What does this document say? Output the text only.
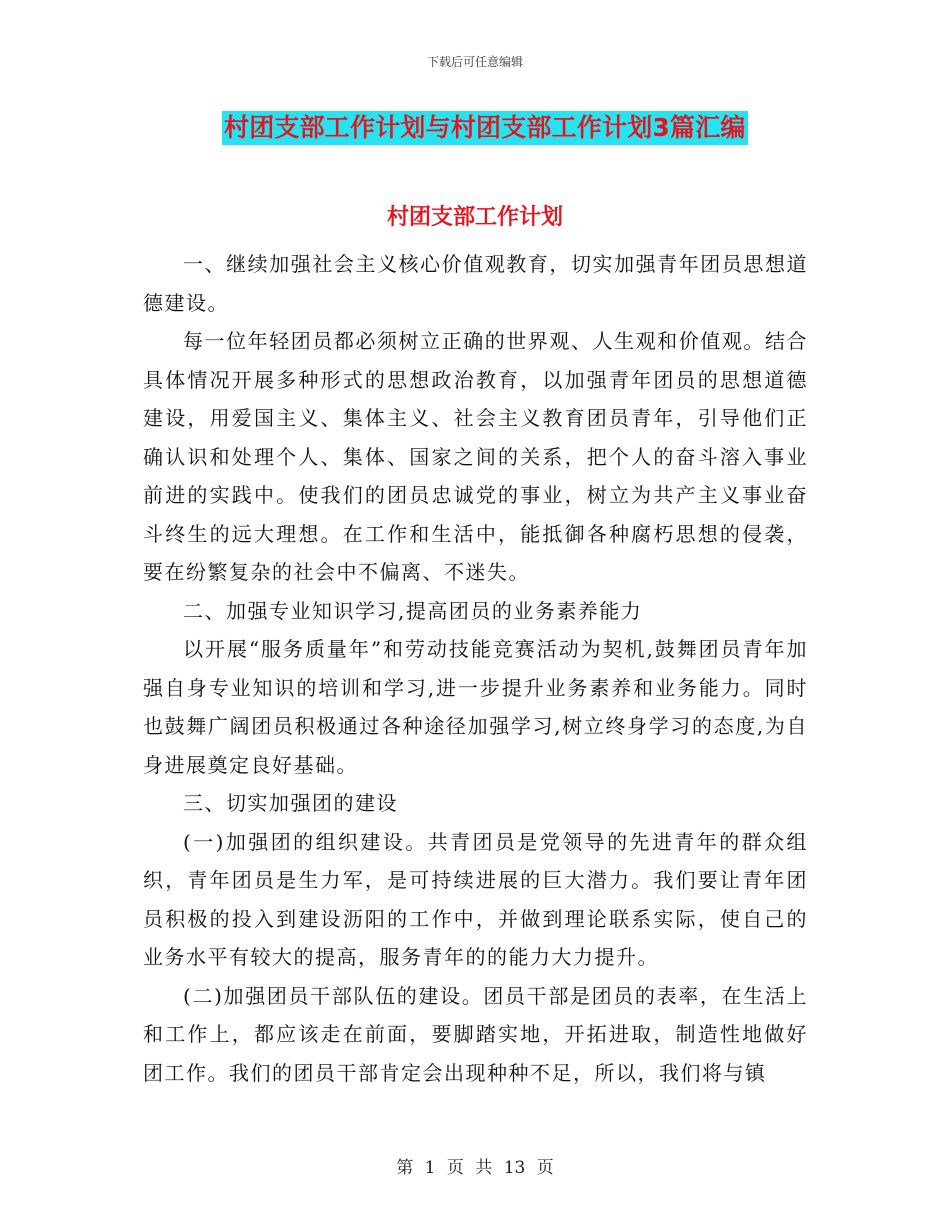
下载后可任意编辑
村团支部工作计划与村团支部工作计划3篇汇编
村团支部工作计划

一、继续加强社会主义核心价值观教育，切实加强青年团员思想道德建设。

每一位年轻团员都必须树立正确的世界观、人生观和价值观。结合具体情况开展多种形式的思想政治教育，以加强青年团员的思想道德建设，用爱国主义、集体主义、社会主义教育团员青年，引导他们正确认识和处理个人、集体、国家之间的关系，把个人的奋斗溶入事业前进的实践中。使我们的团员忠诚党的事业，树立为共产主义事业奋斗终生的远大理想。在工作和生活中，能抵御各种腐朽思想的侵袭，要在纷繁复杂的社会中不偏离、不迷失。

二、加强专业知识学习,提高团员的业务素养能力

以开展“服务质量年”和劳动技能竞赛活动为契机,鼓舞团员青年加强自身专业知识的培训和学习,进一步提升业务素养和业务能力。同时也鼓舞广阔团员积极通过各种途径加强学习,树立终身学习的态度,为自身进展奠定良好基础。

三、切实加强团的建设

(一)加强团的组织建设。共青团员是党领导的先进青年的群众组织，青年团员是生力军，是可持续进展的巨大潜力。我们要让青年团员积极的投入到建设沥阳的工作中，并做到理论联系实际，使自己的业务水平有较大的提高，服务青年的的能力大力提升。

(二)加强团员干部队伍的建设。团员干部是团员的表率，在生活上和工作上，都应该走在前面，要脚踏实地，开拓进取，制造性地做好团工作。我们的团员干部肯定会出现种种不足，所以，我们将与镇

第 1 页 共 13 页
